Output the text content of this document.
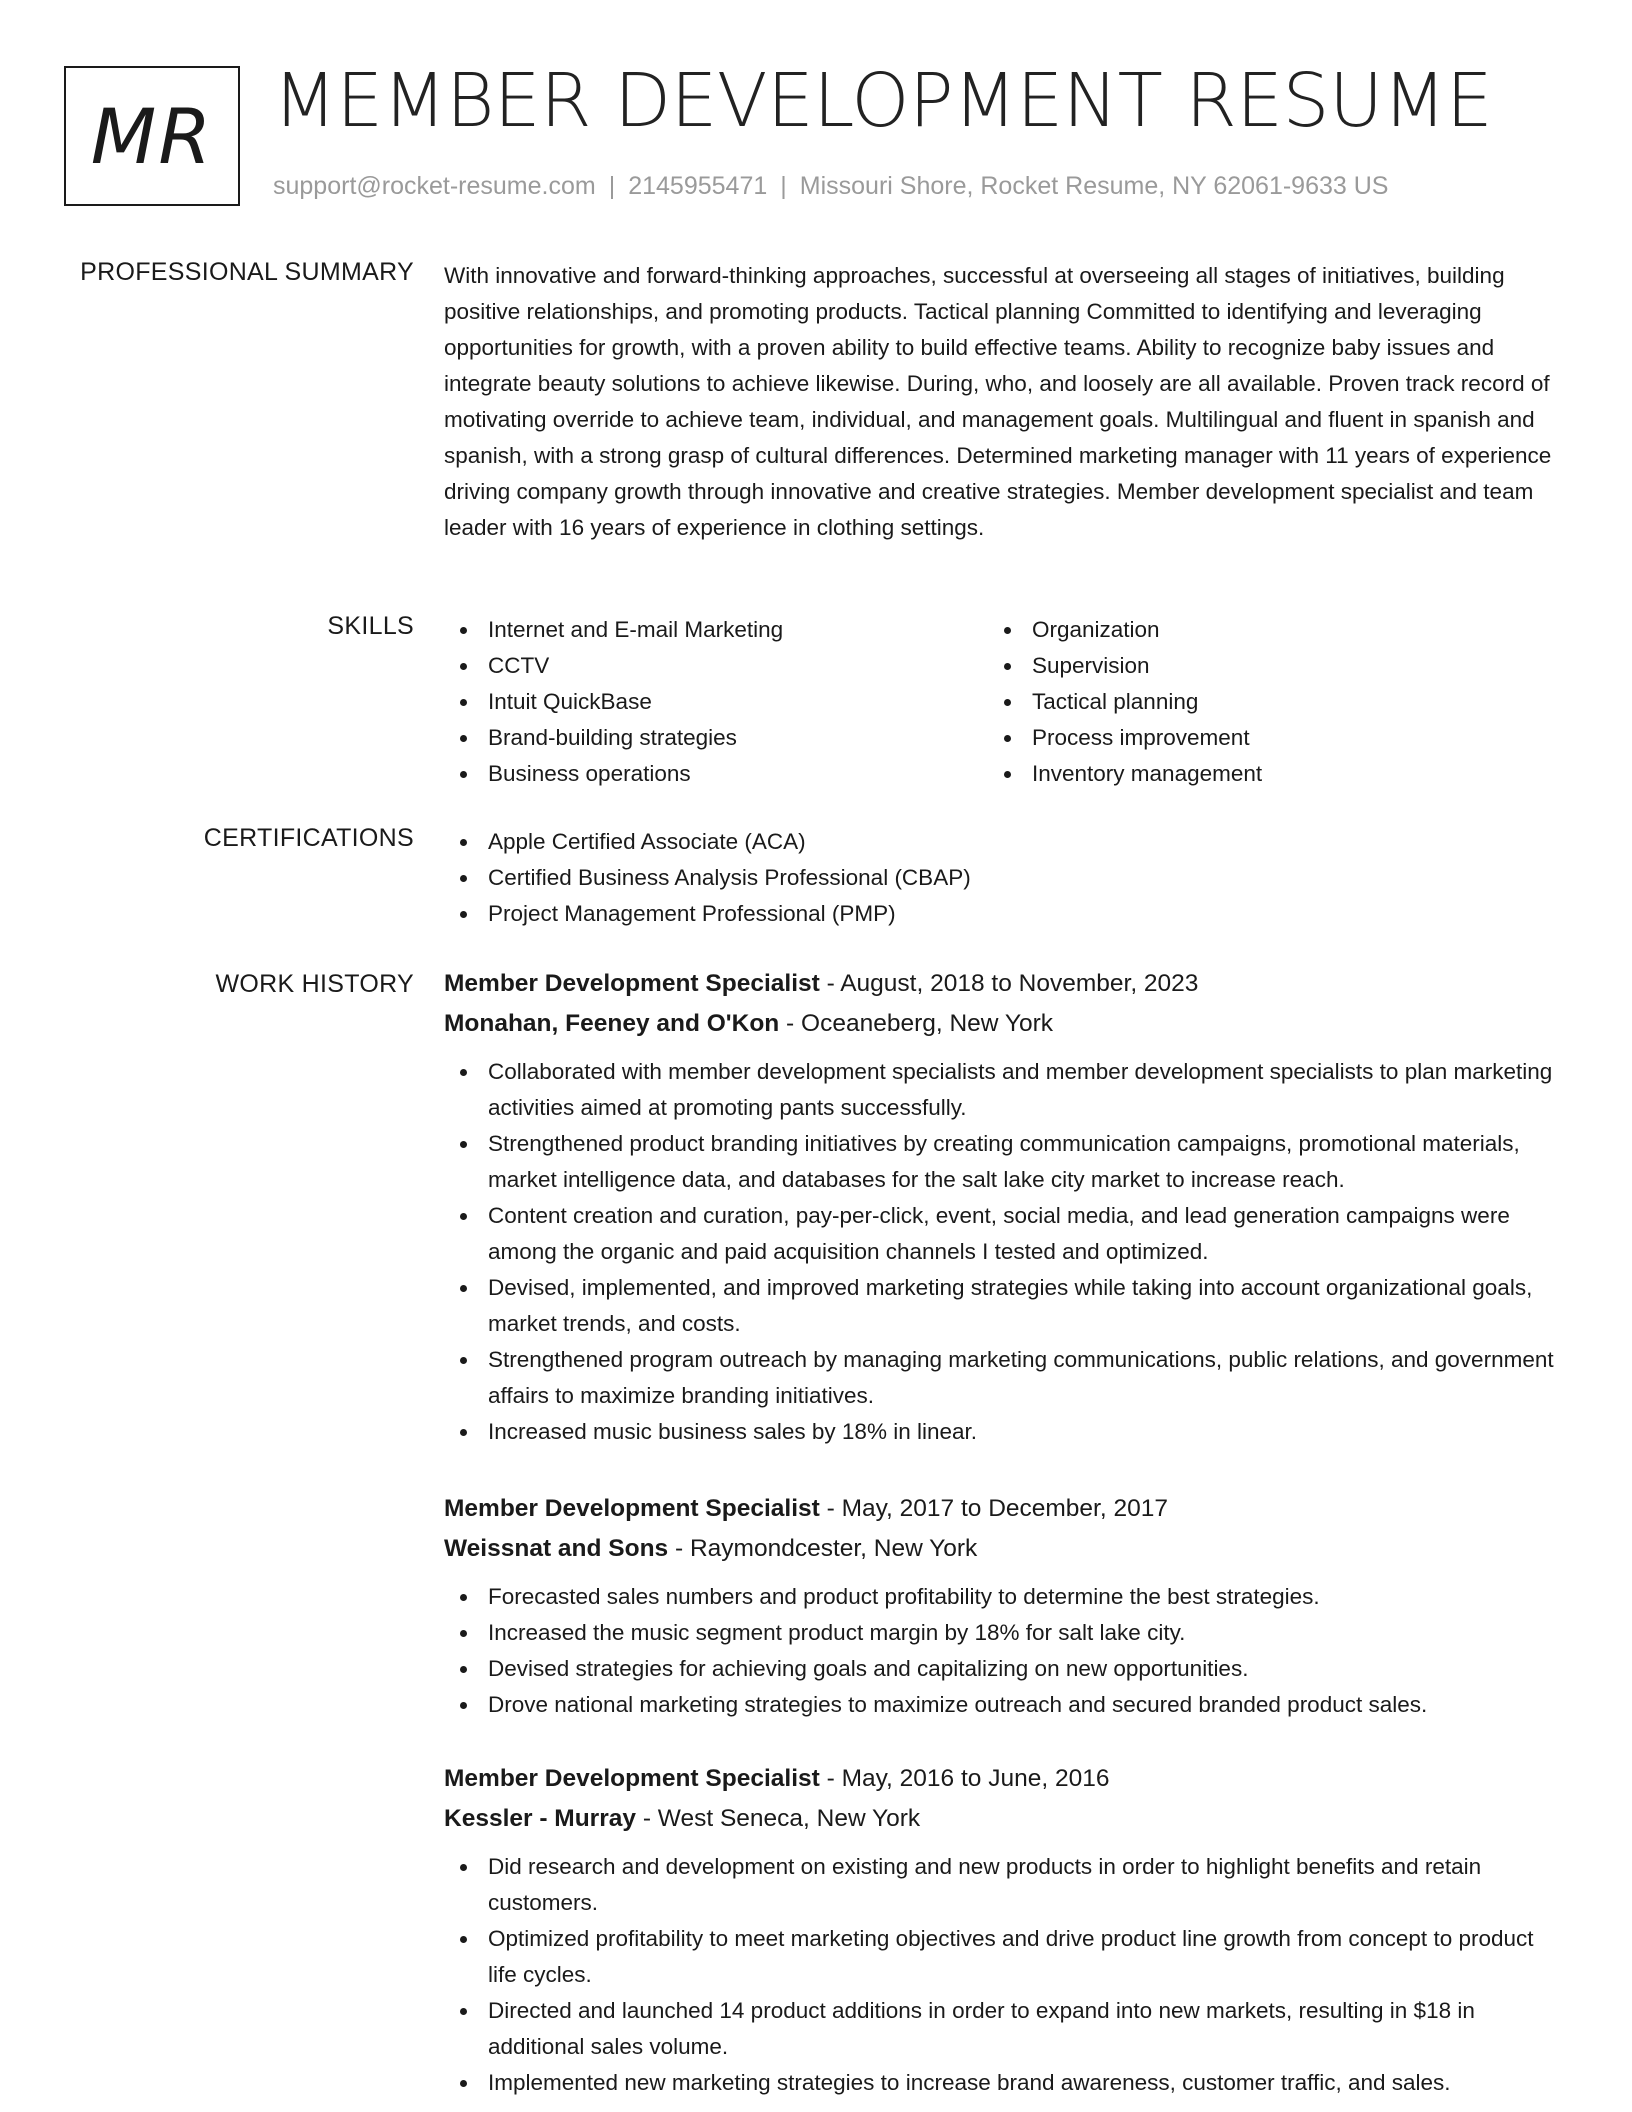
MR MEMBER DEVELOPMENT RESUME
support@rocket-resume.com | 2145955471 | Missouri Shore, Rocket Resume, NY 62061-9633 US
PROFESSIONAL SUMMARY With innovative and forward-thinking approaches, successful at overseeing all stages of initiatives, building positive relationships, and promoting products. Tactical planning Committed to identifying and leveraging opportunities for growth, with a proven ability to build effective teams. Ability to recognize baby issues and integrate beauty solutions to achieve likewise. During, who, and loosely are all available. Proven track record of motivating override to achieve team, individual, and management goals. Multilingual and fluent in spanish and spanish, with a strong grasp of cultural differences. Determined marketing manager with 11 years of experience driving company growth through innovative and creative strategies. Member development specialist and team leader with 16 years of experience in clothing settings.
SKILLS	Internet and E-mail Marketing
CCTV
Intuit QuickBase
Brand-building strategies
Business operations
Organization
Supervision
Tactical planning
Process improvement
Inventory management
CERTIFICATIONS	Apple Certified Associate (ACA)
Certified Business Analysis Professional (CBAP)
Project Management Professional (PMP)
WORK HISTORY Member Development Specialist - August, 2018 to November, 2023
Monahan, Feeney and O'Kon - Oceaneberg, New York
Collaborated with member development specialists and member development specialists to plan marketing activities aimed at promoting pants successfully.
Strengthened product branding initiatives by creating communication campaigns, promotional materials, market intelligence data, and databases for the salt lake city market to increase reach.
Content creation and curation, pay-per-click, event, social media, and lead generation campaigns were among the organic and paid acquisition channels I tested and optimized.
Devised, implemented, and improved marketing strategies while taking into account organizational goals, market trends, and costs.
Strengthened program outreach by managing marketing communications, public relations, and government affairs to maximize branding initiatives.
Increased music business sales by 18% in linear.
Member Development Specialist - May, 2017 to December, 2017
Weissnat and Sons - Raymondcester, New York
Forecasted sales numbers and product profitability to determine the best strategies.
Increased the music segment product margin by 18% for salt lake city.
Devised strategies for achieving goals and capitalizing on new opportunities.
Drove national marketing strategies to maximize outreach and secured branded product sales.
Member Development Specialist - May, 2016 to June, 2016
Kessler - Murray - West Seneca, New York
Did research and development on existing and new products in order to highlight benefits and retain customers.
Optimized profitability to meet marketing objectives and drive product line growth from concept to product life cycles.
Directed and launched 14 product additions in order to expand into new markets, resulting in $18 in additional sales volume.
Implemented new marketing strategies to increase brand awareness, customer traffic, and sales.
